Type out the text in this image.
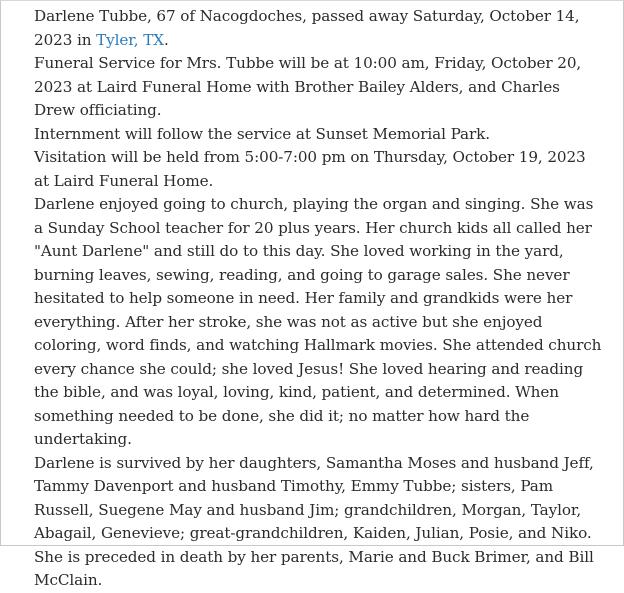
Darlene Tubbe, 67 of Nacogdoches, passed away Saturday, October 14, 2023 in Tyler, TX.

Funeral Service for Mrs. Tubbe will be at 10:00 am, Friday, October 20, 2023 at Laird Funeral Home with Brother Bailey Alders, and Charles Drew officiating.

Internment will follow the service at Sunset Memorial Park.

Visitation will be held from 5:00-7:00 pm on Thursday, October 19, 2023 at Laird Funeral Home.

Darlene enjoyed going to church, playing the organ and singing. She was a Sunday School teacher for 20 plus years. Her church kids all called her "Aunt Darlene" and still do to this day. She loved working in the yard, burning leaves, sewing, reading, and going to garage sales. She never hesitated to help someone in need. Her family and grandkids were her everything. After her stroke, she was not as active but she enjoyed coloring, word finds, and watching Hallmark movies. She attended church every chance she could; she loved Jesus! She loved hearing and reading the bible, and was loyal, loving, kind, patient, and determined. When something needed to be done, she did it; no matter how hard the undertaking.

Darlene is survived by her daughters, Samantha Moses and husband Jeff, Tammy Davenport and husband Timothy, Emmy Tubbe; sisters, Pam Russell, Suegene May and husband Jim; grandchildren, Morgan, Taylor, Abagail, Genevieve; great-grandchildren, Kaiden, Julian, Posie, and Niko.

She is preceded in death by her parents, Marie and Buck Brimer, and Bill McClain.
